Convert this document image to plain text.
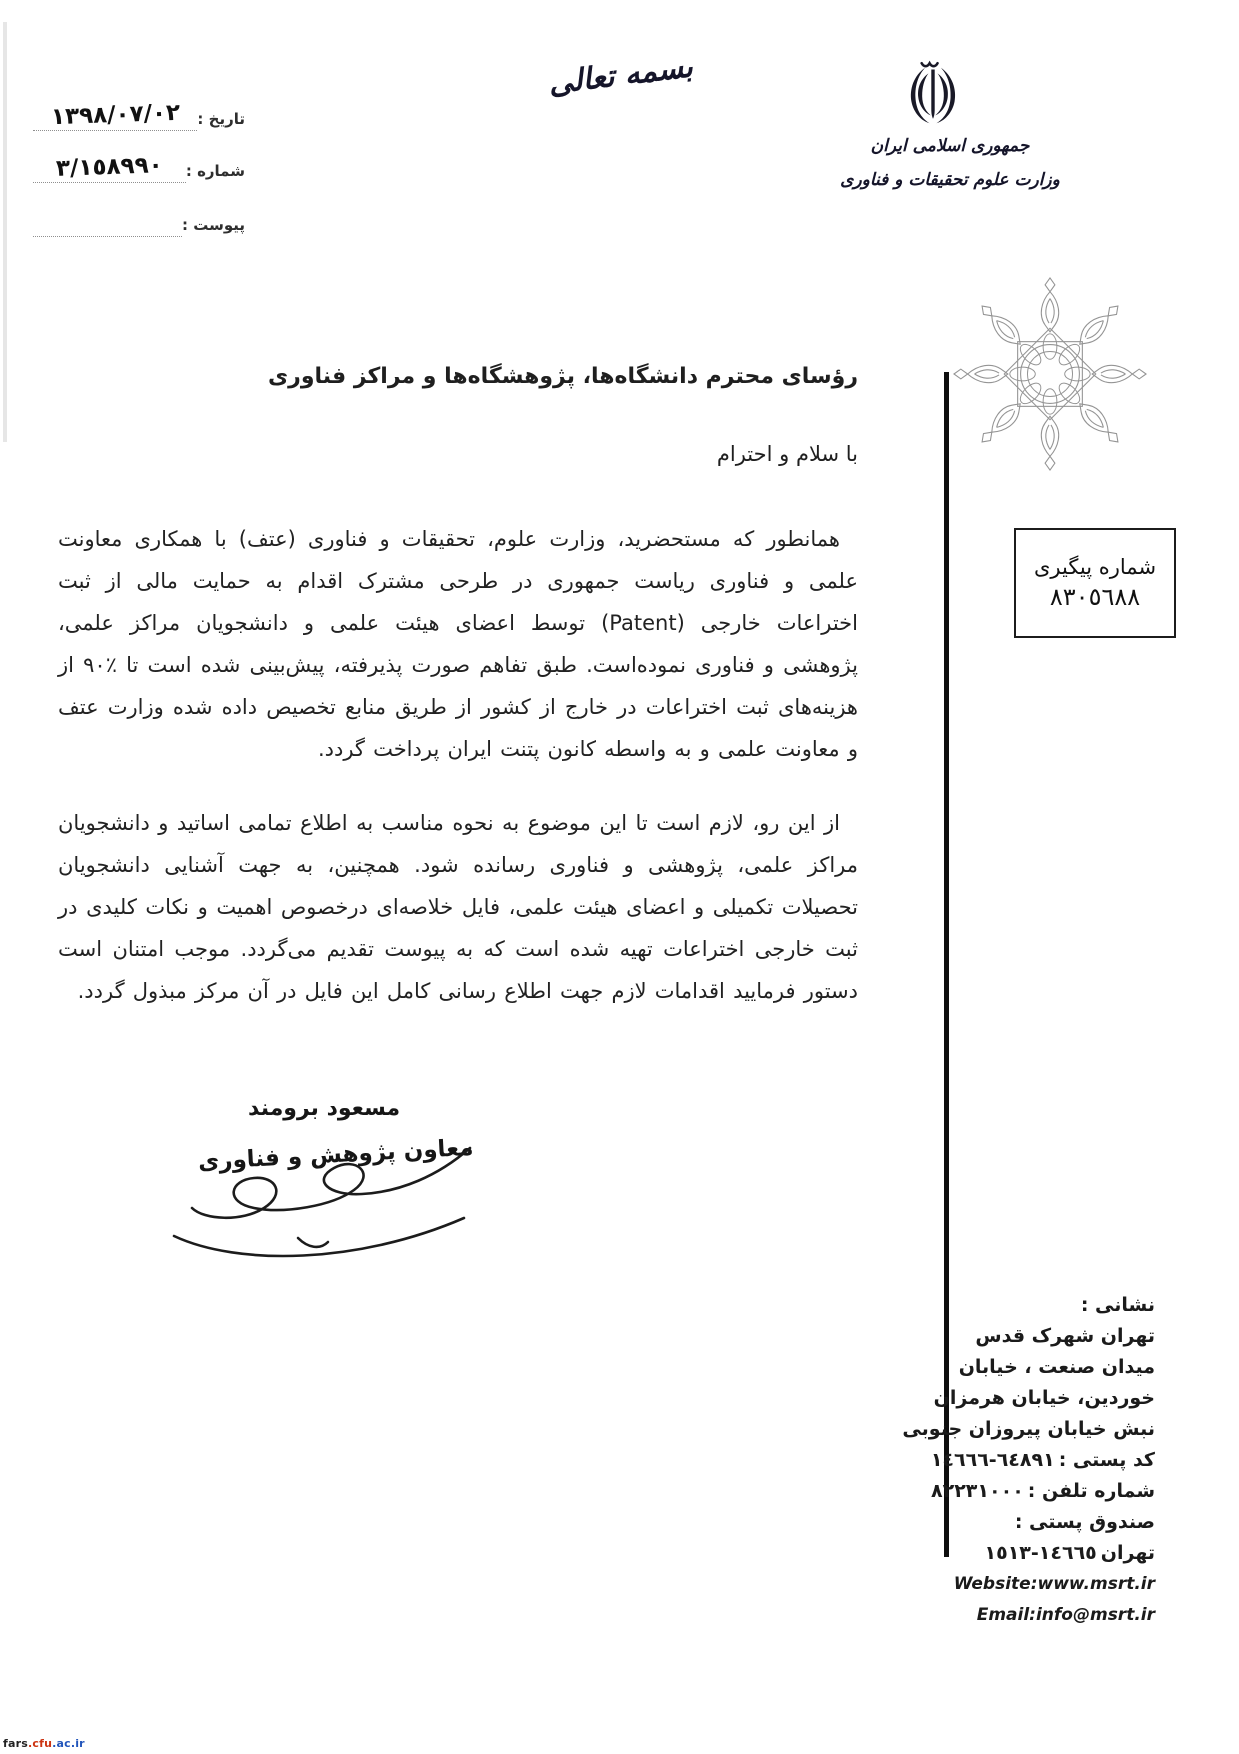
تاریخ :
١٣٩٨/٠٧/٠٢
شماره :
٣/١٥٨٩٩٠
پیوست :
بسمه تعالی
جمهوری اسلامی ایران
وزارت علوم تحقیقات و فناوری
شماره پیگیری
٨٣٠٥٦٨٨
رؤسای محترم دانشگاه‌ها، پژوهشگاه‌ها و مراکز فناوری
با سلام و احترام
همانطور که مستحضرید، وزارت علوم، تحقیقات و فناوری (عتف) با همکاری معاونت علمی و فناوری ریاست جمهوری در طرحی مشترک اقدام به حمایت مالی از ثبت اختراعات خارجی (Patent) توسط اعضای هیئت علمی و دانشجویان مراکز علمی، پژوهشی و فناوری نموده‌است. طبق تفاهم صورت پذیرفته، پیش‌بینی شده است تا ٪۹۰ از هزینه‌های ثبت اختراعات در خارج از کشور از طریق منابع تخصیص داده شده وزارت عتف و معاونت علمی و به واسطه کانون پتنت ایران پرداخت گردد.
از این رو، لازم است تا این موضوع به نحوه مناسب به اطلاع تمامی اساتید و دانشجویان مراکز علمی، پژوهشی و فناوری رسانده شود. همچنین، به جهت آشنایی دانشجویان تحصیلات تکمیلی و اعضای هیئت علمی، فایل خلاصه‌ای درخصوص اهمیت و نکات کلیدی در ثبت خارجی اختراعات تهیه شده است که به پیوست تقدیم می‌گردد. موجب امتنان است دستور فرمایید اقدامات لازم جهت اطلاع رسانی کامل این فایل در آن مرکز مبذول گردد.
مسعود برومند
معاون پژوهش و فناوری
نشانی :
تهران شهرک قدس
میدان صنعت ، خیابان
خوردین، خیابان هرمزان
نبش خیابان پیروزان جنوبی
کد پستی :١٤٦٦٦-٦٤٨٩١
شماره تلفن :٨٢٢٣١٠٠٠
صندوق پستی :
تهران١٥١٣-١٤٦٦٥
Website:www.msrt.ir
Email:info@msrt.ir
fars.cfu.ac.ir
